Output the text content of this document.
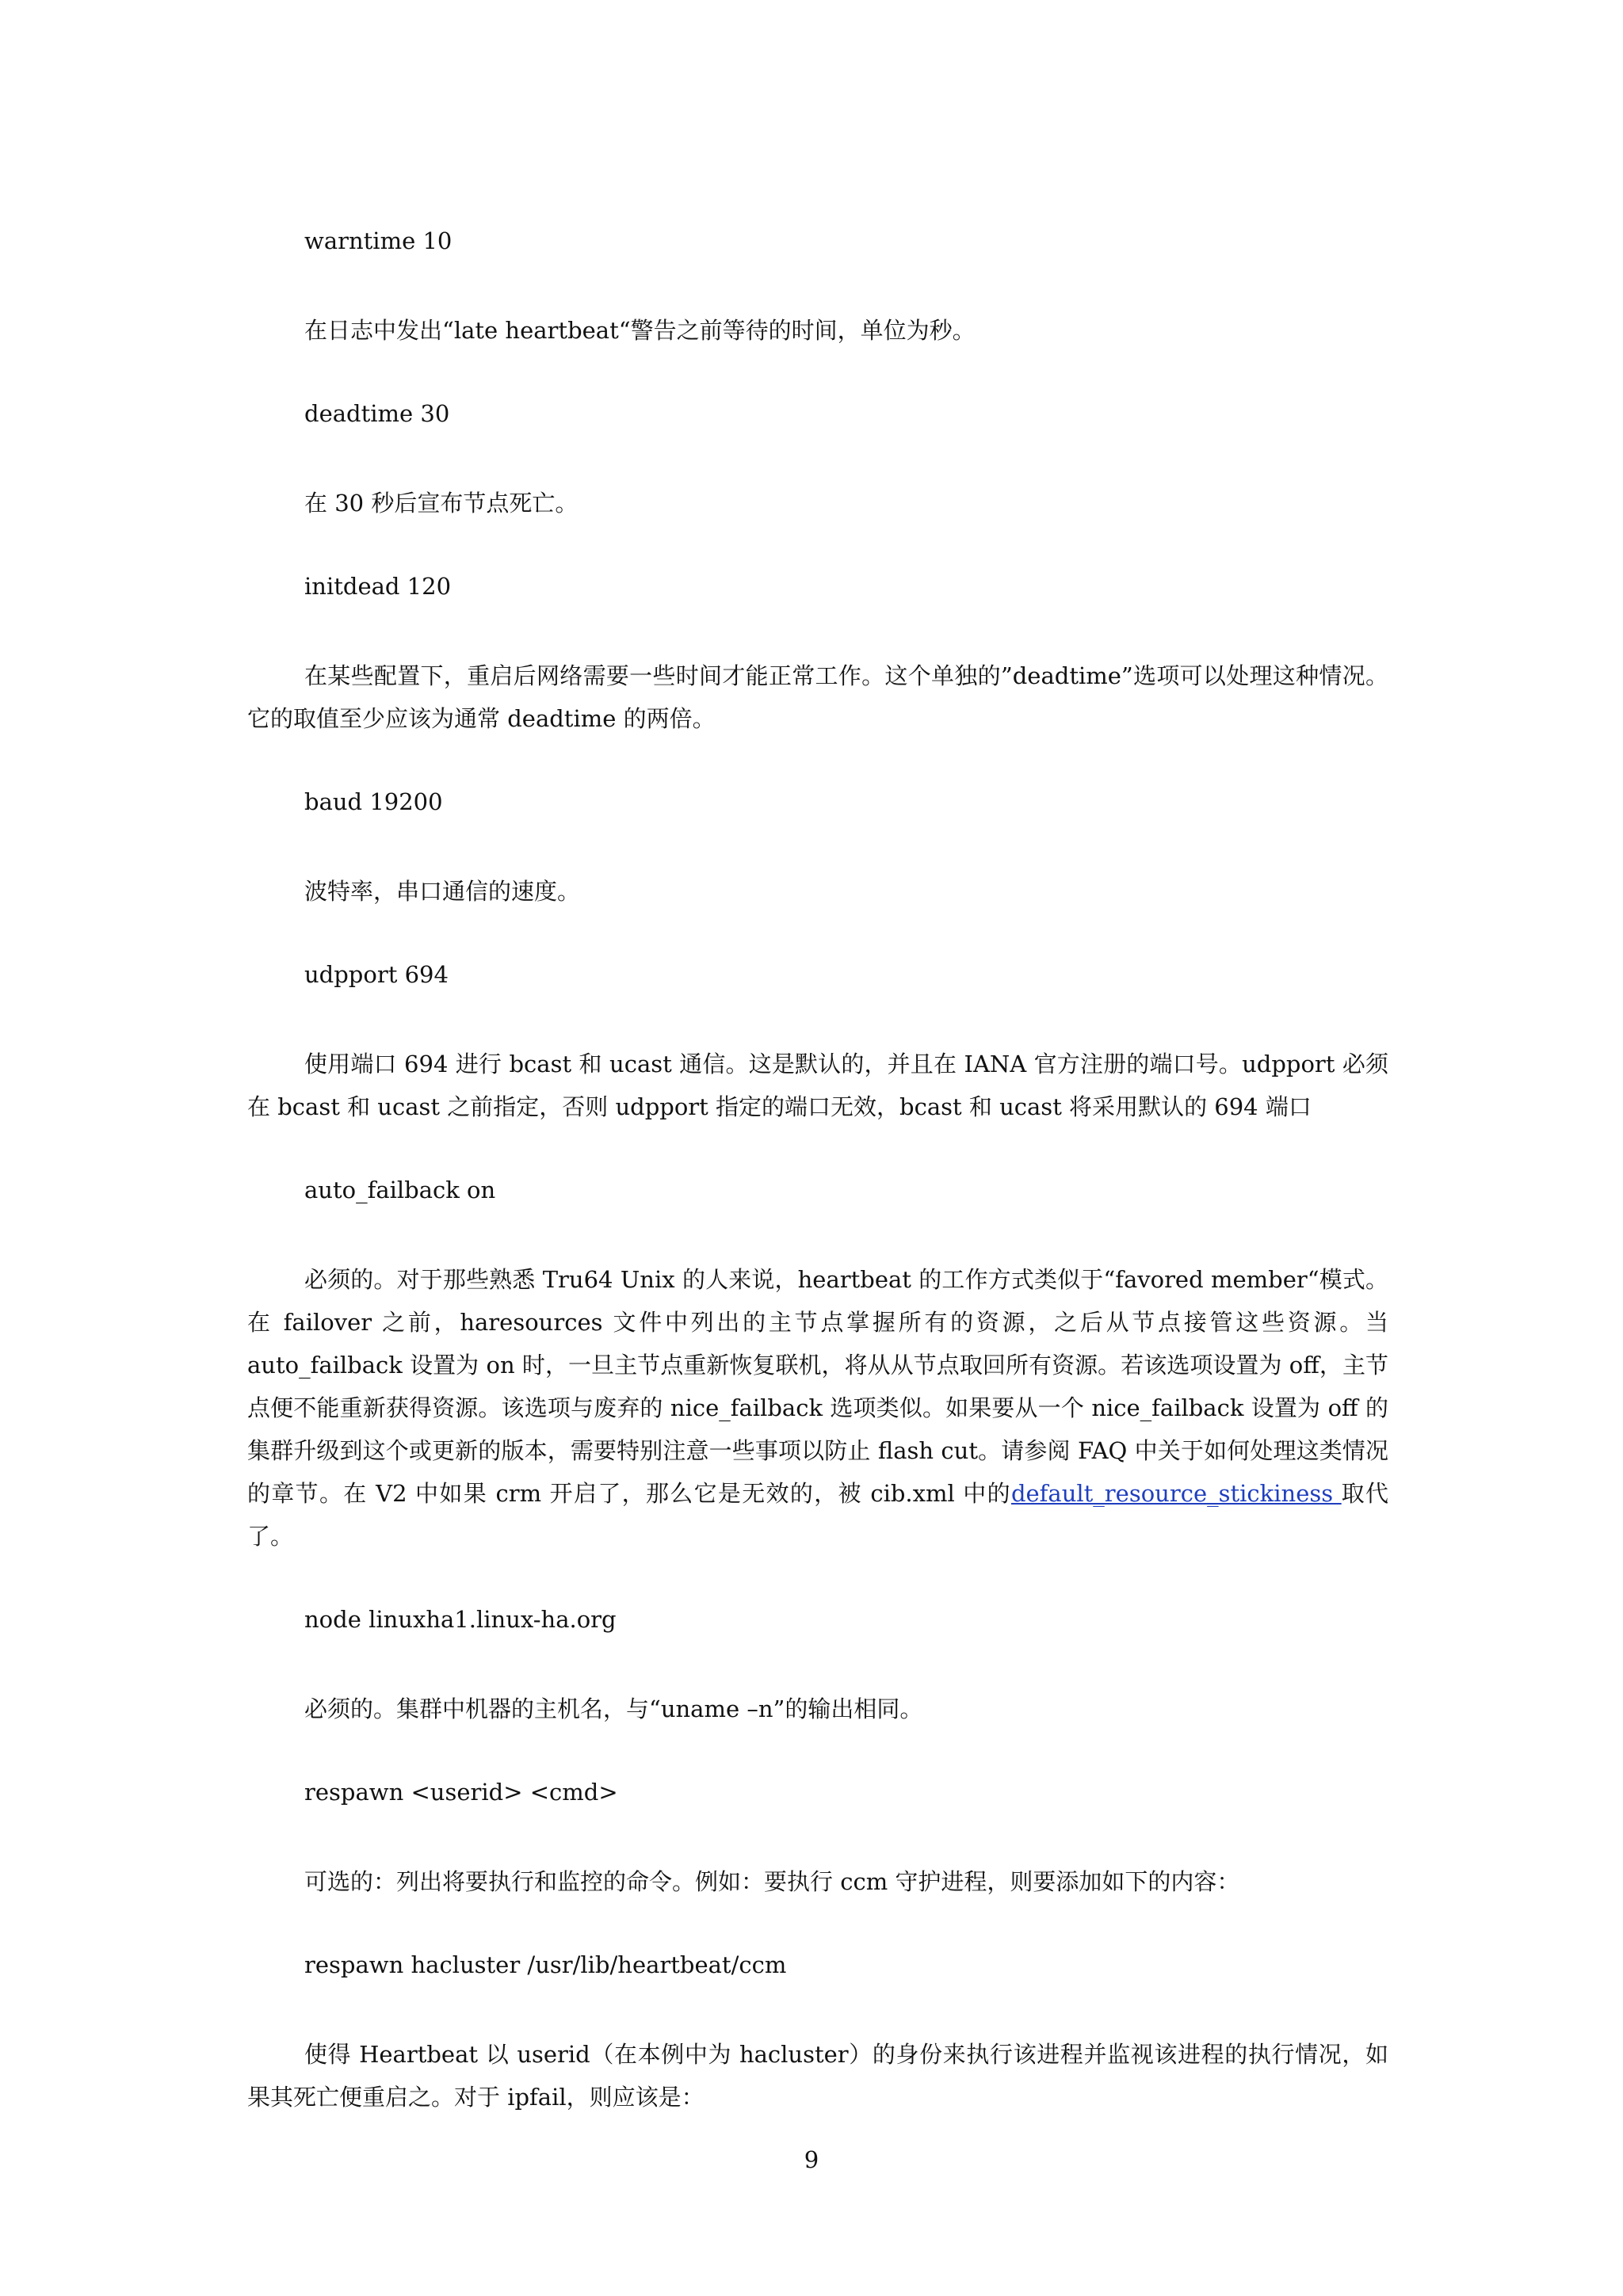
warntime 10

在日志中发出“late heartbeat“警告之前等待的时间，单位为秒。

deadtime 30

在 30 秒后宣布节点死亡。

initdead 120

在某些配置下，重启后网络需要一些时间才能正常工作。这个单独的”deadtime”选项可以处理这种情况。它的取值至少应该为通常 deadtime 的两倍。

baud 19200

波特率，串口通信的速度。

udpport 694

使用端口 694 进行 bcast 和 ucast 通信。这是默认的，并且在 IANA 官方注册的端口号。udpport 必须在 bcast 和 ucast 之前指定，否则 udpport 指定的端口无效，bcast 和 ucast 将采用默认的 694 端口

auto_failback on

必须的。对于那些熟悉 Tru64 Unix 的人来说，heartbeat 的工作方式类似于“favored member“模式。在 failover 之前，haresources 文件中列出的主节点掌握所有的资源，之后从节点接管这些资源。当 auto_failback 设置为 on 时，一旦主节点重新恢复联机，将从从节点取回所有资源。若该选项设置为 off，主节点便不能重新获得资源。该选项与废弃的 nice_failback 选项类似。如果要从一个 nice_failback 设置为 off 的集群升级到这个或更新的版本，需要特别注意一些事项以防止 flash cut。请参阅 FAQ 中关于如何处理这类情况的章节。在 V2 中如果 crm 开启了，那么它是无效的，被 cib.xml 中的default_resource_stickiness 取代了。

node linuxha1.linux-ha.org

必须的。集群中机器的主机名，与“uname –n”的输出相同。

respawn <userid> <cmd>

可选的：列出将要执行和监控的命令。例如：要执行 ccm 守护进程，则要添加如下的内容：

respawn hacluster /usr/lib/heartbeat/ccm

使得 Heartbeat 以 userid（在本例中为 hacluster）的身份来执行该进程并监视该进程的执行情况，如果其死亡便重启之。对于 ipfail，则应该是：

9
